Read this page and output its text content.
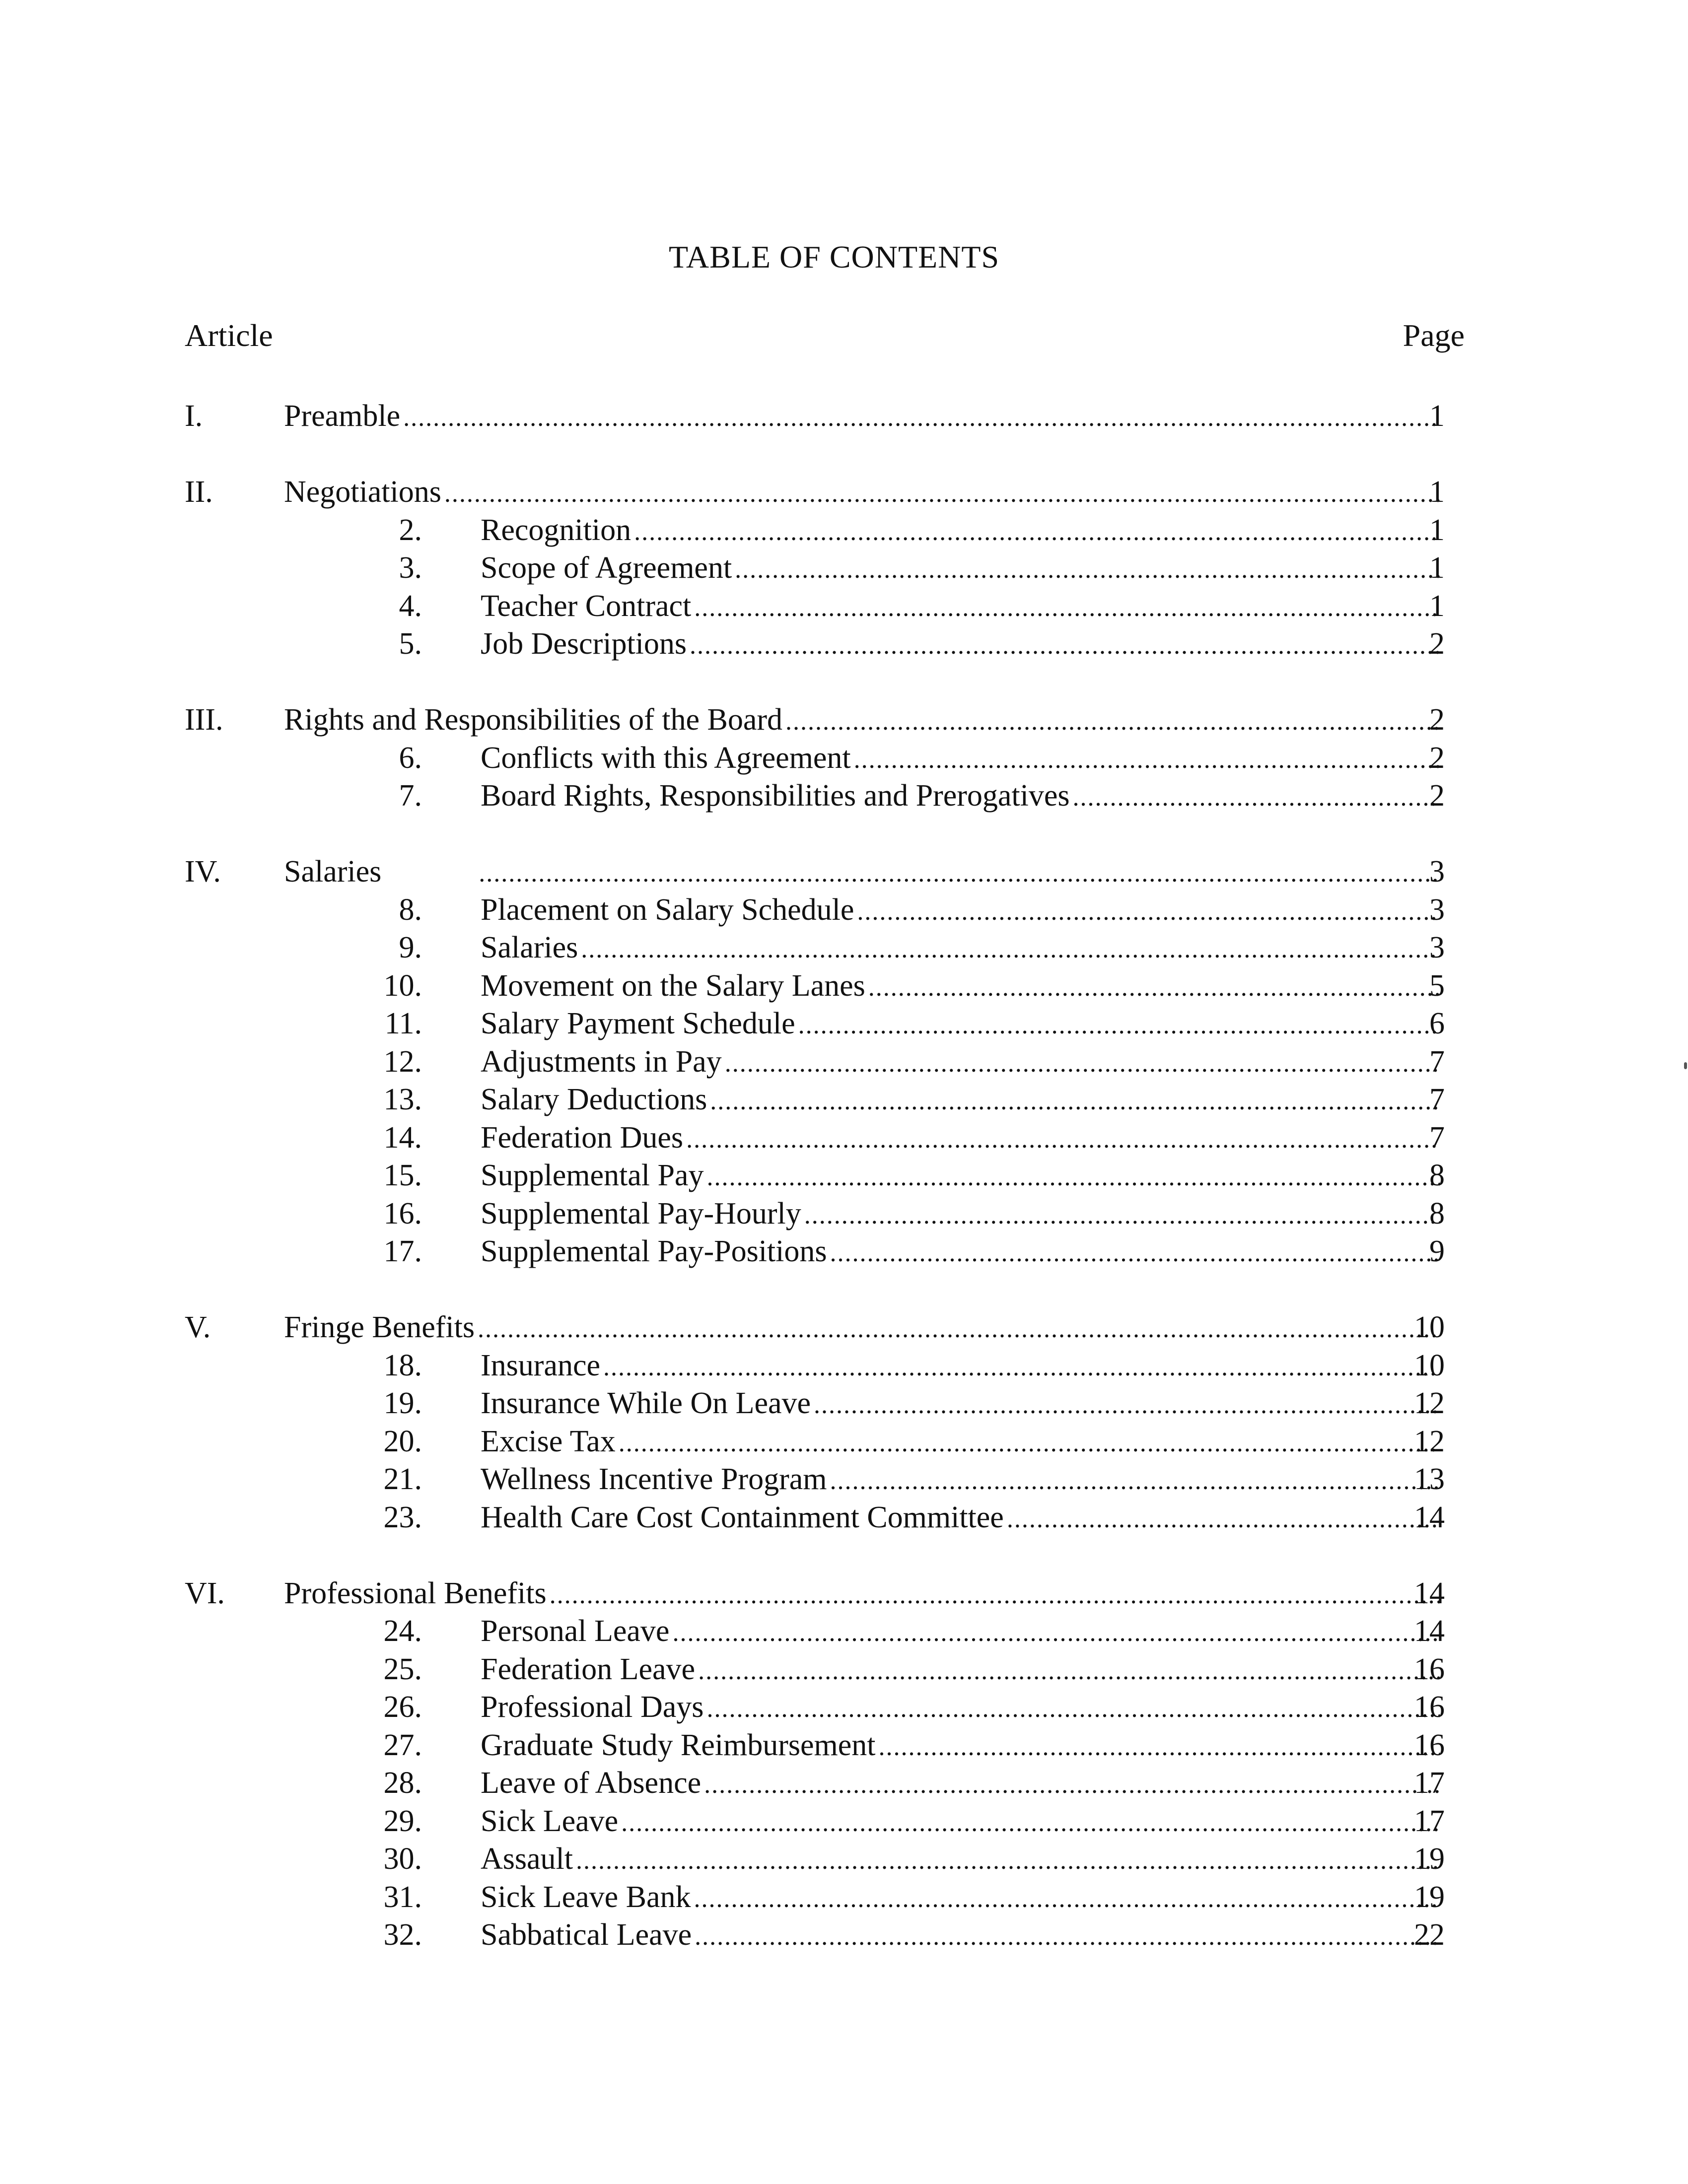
TABLE OF CONTENTS
Article	Page
I.	Preamble .....	1
II. Negotiations .....	1
2. Recognition .....	1
3. Scope of Agreement .....	1
4. Teacher Contract .....	1
5. Job Descriptions .....	2
III. Rights and Responsibilities of the Board .....	2
6. Conflicts with this Agreement .....	2
7. Board Rights, Responsibilities and Prerogatives .....	2
IV. Salaries .....	3
8. Placement on Salary Schedule .....	3
9. Salaries .....	3
10. Movement on the Salary Lanes .....	5
11. Salary Payment Schedule .....	6
12. Adjustments in Pay .....	7
13. Salary Deductions .....	7
14. Federation Dues .....	7
15. Supplemental Pay .....	8
16. Supplemental Pay-Hourly .....	8
17. Supplemental Pay-Positions .....	9
V. Fringe Benefits .....	10
18. Insurance .....	10
19. Insurance While On Leave .....	12
20. Excise Tax .....	12
21. Wellness Incentive Program .....	13
23. Health Care Cost Containment Committee .....	14
VI. Professional Benefits .....	14
24. Personal Leave .....	14
25. Federation Leave .....	16
26. Professional Days .....	16
27. Graduate Study Reimbursement .....	16
28. Leave of Absence .....	17
29. Sick Leave .....	17
30. Assault .....	19
31. Sick Leave Bank .....	19
32. Sabbatical Leave .....	22
